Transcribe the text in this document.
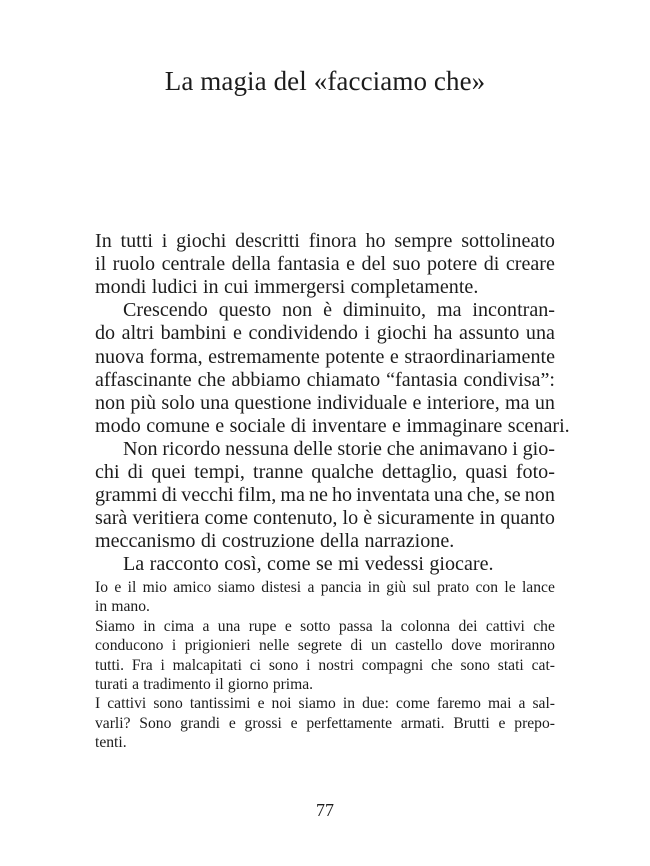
La magia del «facciamo che»
In tutti i giochi descritti finora ho sempre sottolineato
il ruolo centrale della fantasia e del suo potere di creare
mondi ludici in cui immergersi completamente.
Crescendo questo non è diminuito, ma incontran-
do altri bambini e condividendo i giochi ha assunto una
nuova forma, estremamente potente e straordinariamente
affascinante che abbiamo chiamato “fantasia condivisa”:
non più solo una questione individuale e interiore, ma un
modo comune e sociale di inventare e immaginare scenari.
Non ricordo nessuna delle storie che animavano i gio-
chi di quei tempi, tranne qualche dettaglio, quasi foto-
grammi di vecchi film, ma ne ho inventata una che, se non
sarà veritiera come contenuto, lo è sicuramente in quanto
meccanismo di costruzione della narrazione.
La racconto così, come se mi vedessi giocare.
Io e il mio amico siamo distesi a pancia in giù sul prato con le lance
in mano.
Siamo in cima a una rupe e sotto passa la colonna dei cattivi che
conducono i prigionieri nelle segrete di un castello dove moriranno
tutti. Fra i malcapitati ci sono i nostri compagni che sono stati cat-
turati a tradimento il giorno prima.
I cattivi sono tantissimi e noi siamo in due: come faremo mai a sal-
varli? Sono grandi e grossi e perfettamente armati. Brutti e prepo-
tenti.
77
